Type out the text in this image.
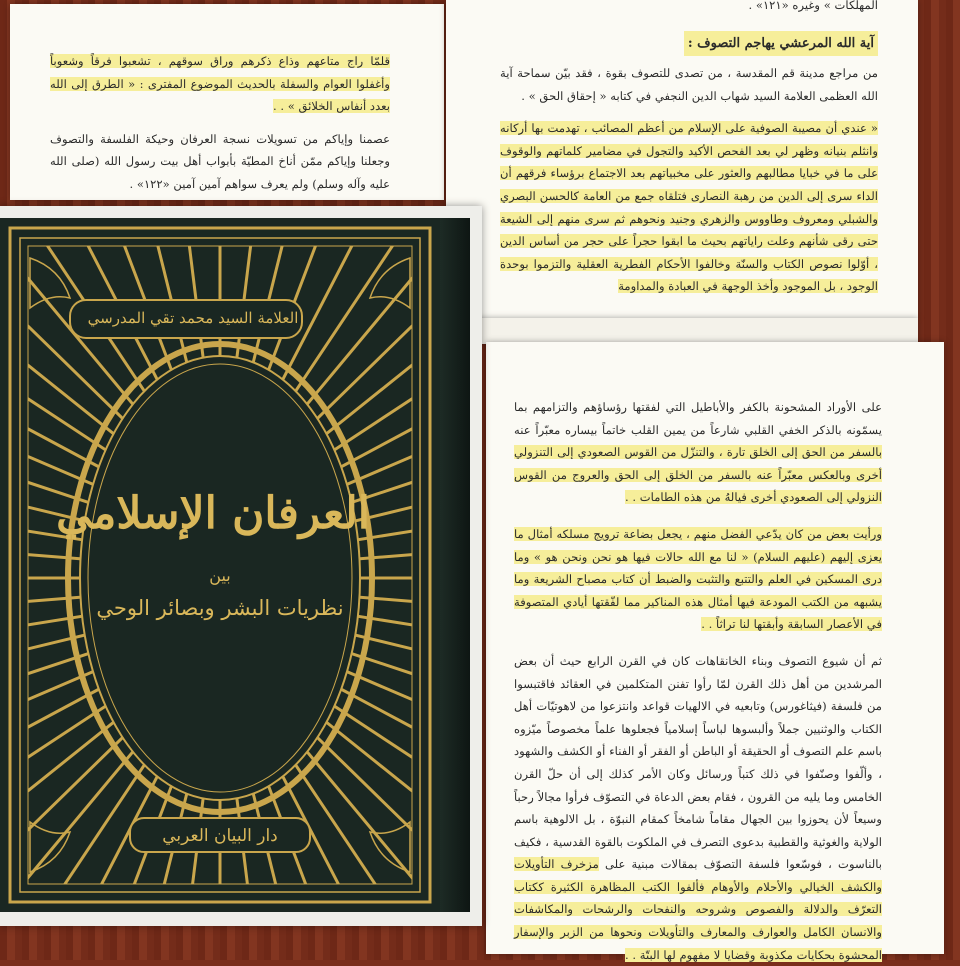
قلمّا راج متاعهم وذاع ذكرهم وراق سوقهم ، تشعبوا فرقاً وشعوباً وأغفلوا العوام والسفلة بالحديث الموضوع المفترى : « الطرق إلى الله بعدد أنفاس الخلائق » . .

عصمنا وإياكم من تسويلات نسجة العرفان وحيكة الفلسفة والتصوف وجعلنا وإياكم ممّن أناخ المطيّة بأبواب أهل بيت رسول الله (صلى الله عليه وآله وسلم) ولم يعرف سواهم آمين آمين «١٢٢» .

المهلكات » وغيره «١٢١» .

آية الله المرعشي يهاجم التصوف :

من مراجع مدينة قم المقدسة ، من تصدى للتصوف بقوة ، فقد بيّن سماحة آية الله العظمى العلامة السيد شهاب الدين النجفي في كتابه « إحقاق الحق » .

« عندي أن مصيبة الصوفية على الإسلام من أعظم المصائب ، تهدمت بها أركانه وانثلم بنيانه وظهر لي بعد الفحص الأكيد والتجول في مضامير كلماتهم والوقوف على ما في خبايا مطالبهم والعثور على مخبياتهم بعد الاجتماع برؤساء فرقهم أن الداء سرى إلى الدين من رهبة النصارى فتلقاه جمع من العامة كالحسن البصري والشبلي ومعروف وطاووس والزهري وجنيد ونحوهم ثم سرى منهم إلى الشيعة حتى رقى شأنهم وعلت راياتهم بحيث ما ابقوا حجراً على حجر من أساس الدين ، أوّلوا نصوص الكتاب والسنّة وخالفوا الأحكام الفطرية العقلية والتزموا بوحدة الوجود ، بل الموجود وأخذ الوجهة في العبادة والمداومة

على الأوراد المشحونة بالكفر والأباطيل التي لفقتها رؤساؤهم والتزامهم بما يسمّونه بالذكر الخفي القلبي شارعاً من يمين القلب خاتماً بيساره معبّراً عنه بالسفر من الحق إلى الخلق تارة ، والتنزّل من القوس الصعودي إلى التنزولي أخرى وبالعكس معبّراً عنه بالسفر من الخلق إلى الحق والعروج من القوس النزولي إلى الصعودي أخرى فيالهُ من هذه الطامات . .

ورأيت بعض من كان يدّعي الفضل منهم ، يجعل بضاعة ترويج مسلكه أمثال ما يعزى إليهم (عليهم السلام) « لنا مع الله حالات فيها هو نحن ونحن هو » وما درى المسكين في العلم والتتبع والتثبت والضبط أن كتاب مصباح الشريعة وما يشبهه من الكتب المودعة فيها أمثال هذه المناكير مما لفّقتها أيادي المتصوفة في الأعصار السابقة وأبقتها لنا تراثاً . .

ثم أن شيوع التصوف وبناء الخانقاهات كان في القرن الرابع حيث أن بعض المرشدين من أهل ذلك القرن لمّا رأوا تفنن المتكلمين في العقائد فاقتبسوا من فلسفة (فيثاغورس) وتابعيه في الالهيات قواعد وانتزعوا من لاهوتيّات أهل الكتاب والوثنيين جملاً وألبسوها لباساً إسلامياً فجعلوها علماً مخصوصاً ميّزوه باسم علم التصوف أو الحقيقة أو الباطن أو الفقر أو الفناء أو الكشف والشهود ، وألّفوا وصنّفوا في ذلك كتباً ورسائل وكان الأمر كذلك إلى أن حلّ القرن الخامس وما يليه من القرون ، فقام بعض الدعاة في التصوّف فرأوا مجالاً رحباً وسيعاً لأن يحوزوا بين الجهال مقاماً شامخاً كمقام النبوّة ، بل الالوهية باسم الولاية والغوثية والقطبية بدعوى التصرف في الملكوت بالقوة القدسية ، فكيف بالناسوت ، فوسّعوا فلسفة التصوّف بمقالات مبنية على مزخرف التأويلات والكشف الخيالي والأحلام والأوهام فألفوا الكتب المظاهرة الكثيرة ككتاب التعرّف والدلالة والفصوص وشروحه والنفحات والرشحات والمكاشفات والانسان الكامل والعوارف والمعارف والتأويلات ونحوها من الزبر والإسفار المحشوة بحكايات مكذوبة وقضايا لا مفهوم لها البتّة . .

العلامة السيد محمد تقي المدرسي
العرفان الإسلامي
بين
نظريات البشر وبصائر الوحي
دار البيان العربي
